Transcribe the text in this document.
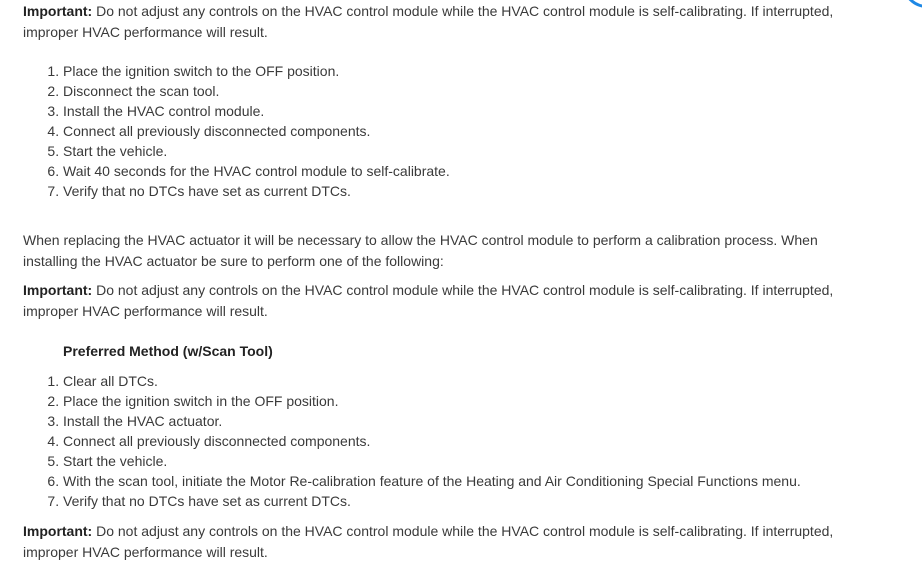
Important: Do not adjust any controls on the HVAC control module while the HVAC control module is self-calibrating. If interrupted, improper HVAC performance will result.

1. Place the ignition switch to the OFF position.
2. Disconnect the scan tool.
3. Install the HVAC control module.
4. Connect all previously disconnected components.
5. Start the vehicle.
6. Wait 40 seconds for the HVAC control module to self-calibrate.
7. Verify that no DTCs have set as current DTCs.

When replacing the HVAC actuator it will be necessary to allow the HVAC control module to perform a calibration process. When installing the HVAC actuator be sure to perform one of the following:

Important: Do not adjust any controls on the HVAC control module while the HVAC control module is self-calibrating. If interrupted, improper HVAC performance will result.

Preferred Method (w/Scan Tool)

1. Clear all DTCs.
2. Place the ignition switch in the OFF position.
3. Install the HVAC actuator.
4. Connect all previously disconnected components.
5. Start the vehicle.
6. With the scan tool, initiate the Motor Re-calibration feature of the Heating and Air Conditioning Special Functions menu.
7. Verify that no DTCs have set as current DTCs.

Important: Do not adjust any controls on the HVAC control module while the HVAC control module is self-calibrating. If interrupted, improper HVAC performance will result.
